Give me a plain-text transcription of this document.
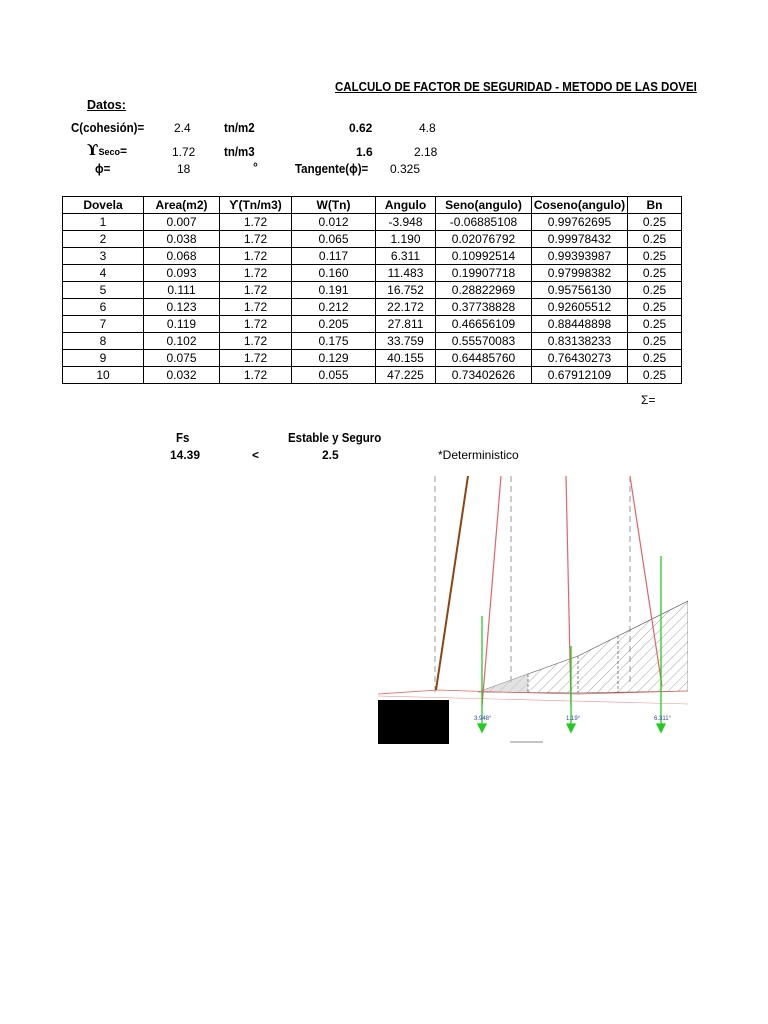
CALCULO DE FACTOR DE SEGURIDAD - METODO DE LAS DOVEI
Datos:
C(cohesión)= 2.4	tn/m2	0.62	4.8
ϒSeco=	1.72 tn/m3	1.6	2.18
ϕ=	18	°	Tangente(ϕ)= 0.325
Dovela	Area(m2)	ϒ(Tn/m3)	W(Tn)	Angulo	Seno(angulo)	Coseno(angulo)	Bn
1	0.007	1.72	0.012	-3.948	-0.06885108	0.99762695	0.25
2	0.038	1.72	0.065	1.190	0.02076792	0.99978432	0.25
3	0.068	1.72	0.117	6.311	0.10992514	0.99393987	0.25
4	0.093	1.72	0.160	11.483	0.19907718	0.97998382	0.25
5	0.111	1.72	0.191	16.752	0.28822969	0.95756130	0.25
6	0.123	1.72	0.212	22.172	0.37738828	0.92605512	0.25
7	0.119	1.72	0.205	27.811	0.46656109	0.88448898	0.25
8	0.102	1.72	0.175	33.759	0.55570083	0.83138233	0.25
9	0.075	1.72	0.129	40.155	0.64485760	0.76430273	0.25
10	0.032	1.72	0.055	47.225	0.73402626	0.67912109	0.25
Σ=
Fs
14.39	<
Estable y Seguro
2.5	*Deterministico
3.948°	1.19°	6.311°
